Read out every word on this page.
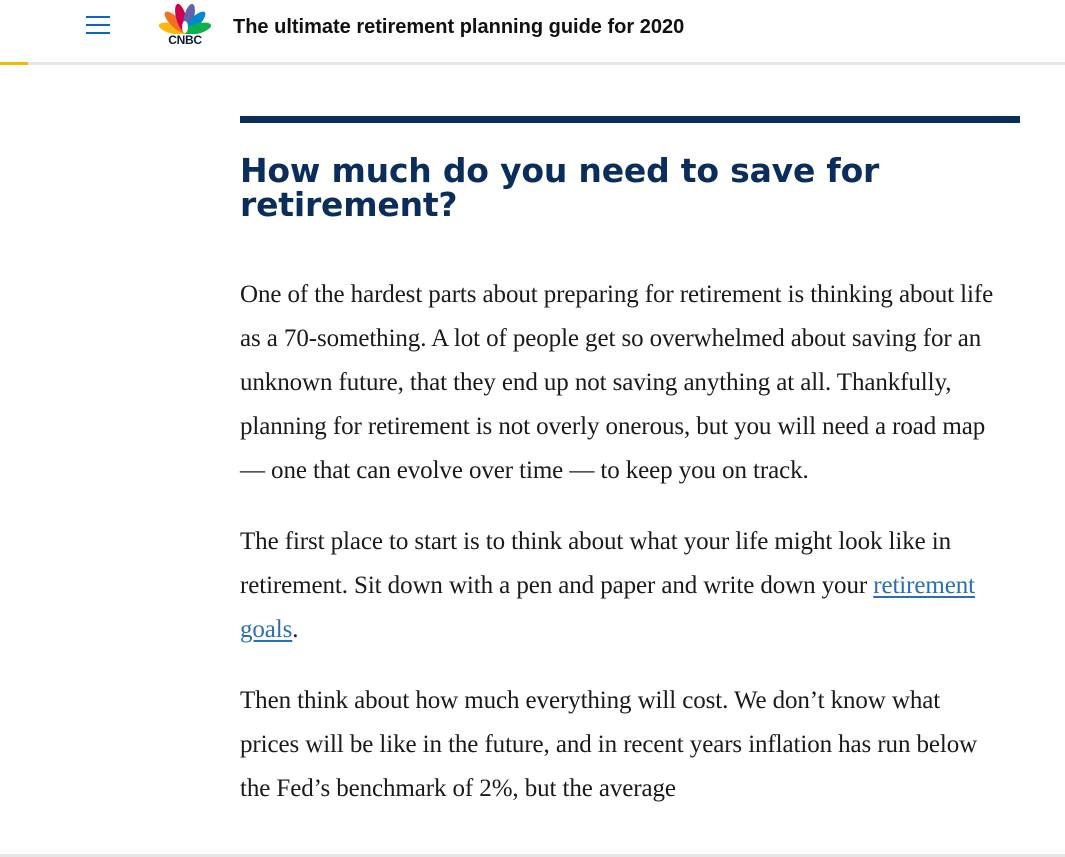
CNBC
The ultimate retirement planning guide for 2020
How much do you need to save for retirement?

One of the hardest parts about preparing for retirement is thinking about life as a 70-something. A lot of people get so overwhelmed about saving for an unknown future, that they end up not saving anything at all. Thankfully, planning for retirement is not overly onerous, but you will need a road map — one that can evolve over time — to keep you on track.

The first place to start is to think about what your life might look like in retirement. Sit down with a pen and paper and write down your retirement goals.

Then think about how much everything will cost. We don’t know what prices will be like in the future, and in recent years inflation has run below the Fed’s benchmark of 2%, but the average
